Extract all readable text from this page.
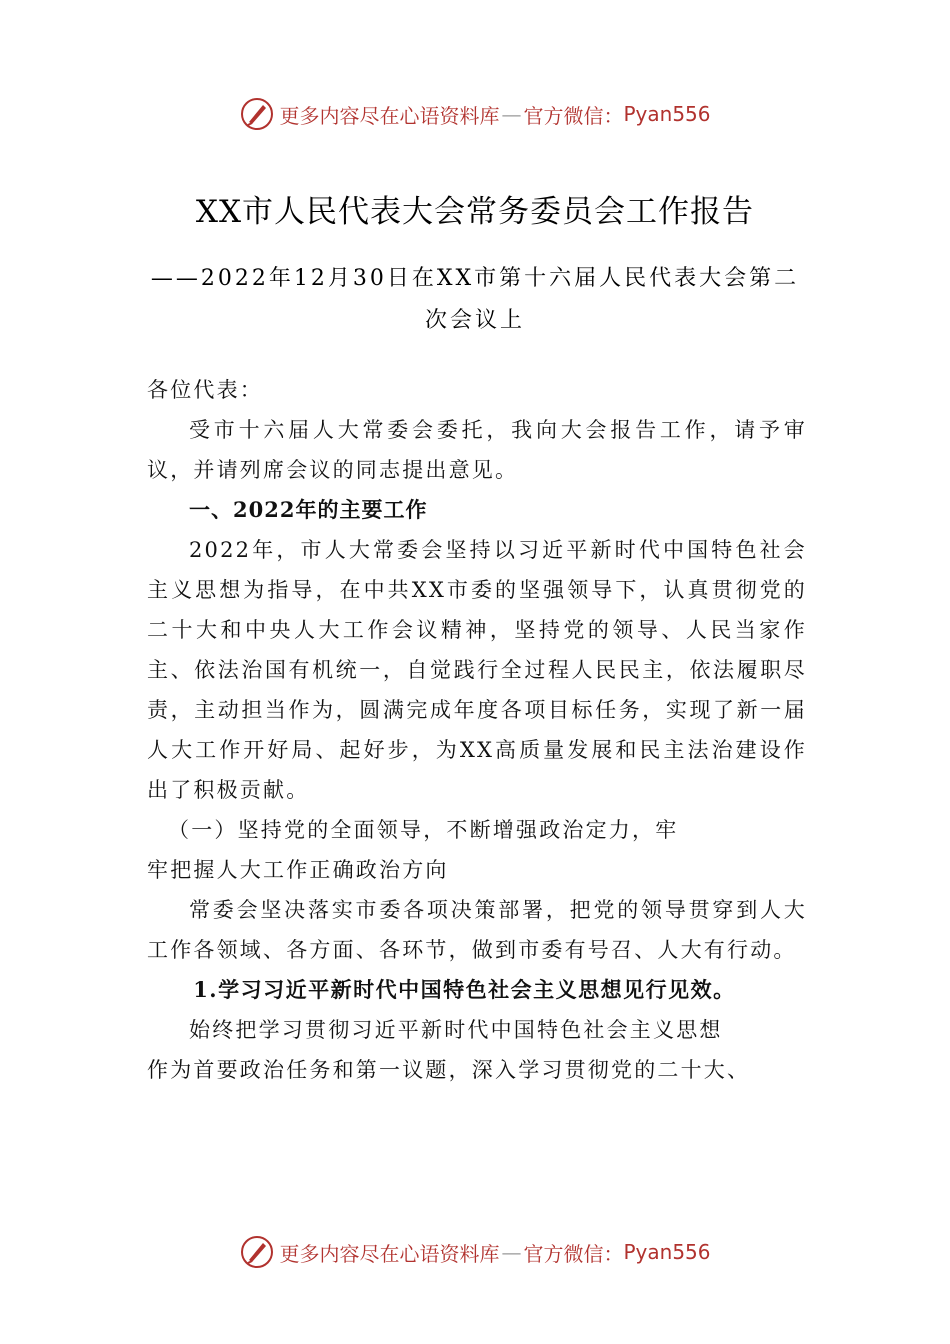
更多内容尽在心语资料库 — 官方微信： Pyan556
XX市人民代表大会常务委员会工作报告
——2022年12月30日在XX市第十六届人民代表大会第二次会议上

各位代表：

受市十六届人大常委会委托，我向大会报告工作，请予审议，并请列席会议的同志提出意见。

一、2022年的主要工作

2022年，市人大常委会坚持以习近平新时代中国特色社会主义思想为指导，在中共XX市委的坚强领导下，认真贯彻党的二十大和中央人大工作会议精神，坚持党的领导、人民当家作主、依法治国有机统一，自觉践行全过程人民民主，依法履职尽责，主动担当作为，圆满完成年度各项目标任务，实现了新一届人大工作开好局、起好步，为XX高质量发展和民主法治建设作出了积极贡献。

（一）坚持党的全面领导，不断增强政治定力，牢
牢把握人大工作正确政治方向

常委会坚决落实市委各项决策部署，把党的领导贯穿到人大工作各领域、各方面、各环节，做到市委有号召、人大有行动。

1.学习习近平新时代中国特色社会主义思想见行见效。

始终把学习贯彻习近平新时代中国特色社会主义思想

作为首要政治任务和第一议题，深入学习贯彻党的二十大、

更多内容尽在心语资料库 — 官方微信： Pyan556
